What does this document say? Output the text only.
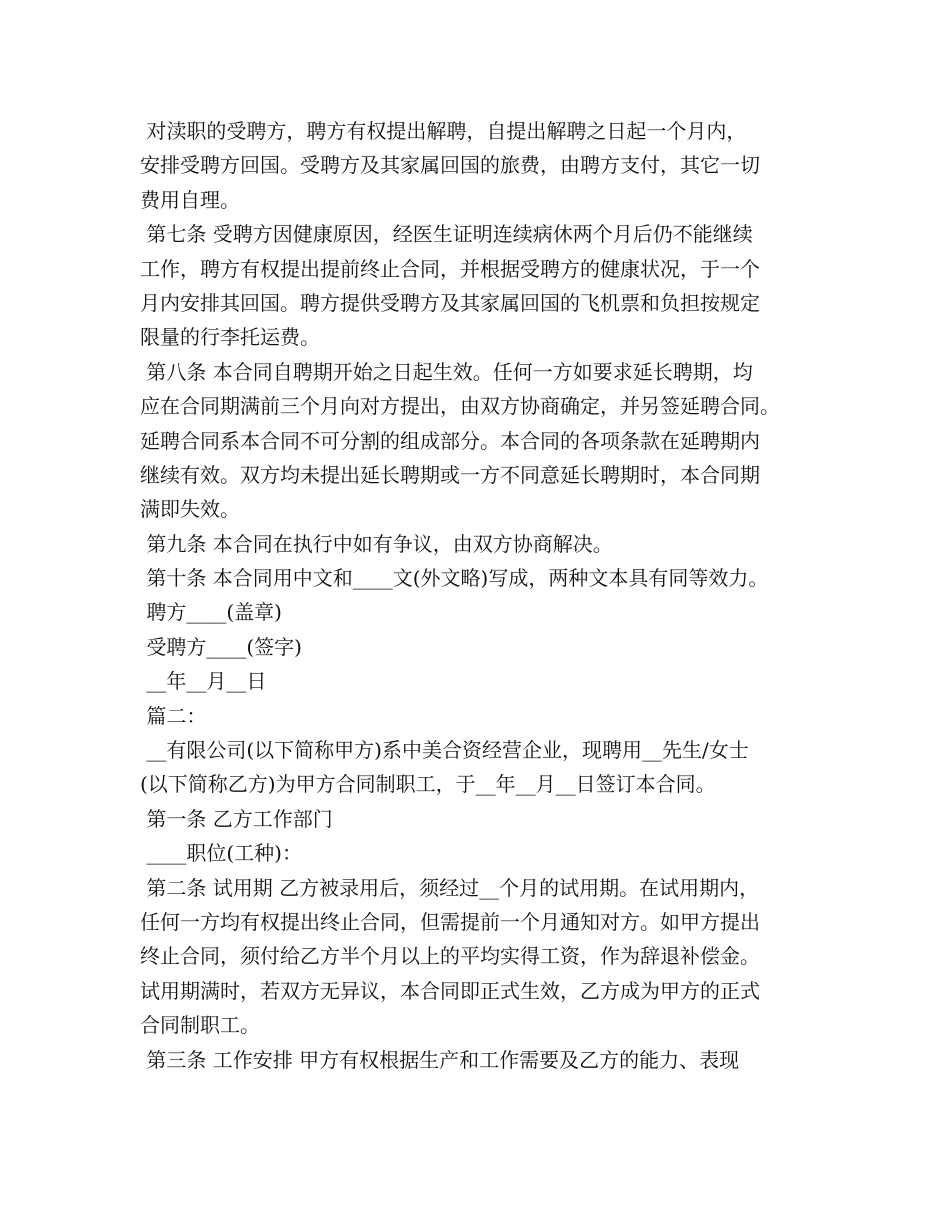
对渎职的受聘方，聘方有权提出解聘，自提出解聘之日起一个月内，
安排受聘方回国。受聘方及其家属回国的旅费，由聘方支付，其它一切
费用自理。
第七条 受聘方因健康原因，经医生证明连续病休两个月后仍不能继续
工作，聘方有权提出提前终止合同，并根据受聘方的健康状况，于一个
月内安排其回国。聘方提供受聘方及其家属回国的飞机票和负担按规定
限量的行李托运费。
第八条 本合同自聘期开始之日起生效。任何一方如要求延长聘期，均
应在合同期满前三个月向对方提出，由双方协商确定，并另签延聘合同。
延聘合同系本合同不可分割的组成部分。本合同的各项条款在延聘期内
继续有效。双方均未提出延长聘期或一方不同意延长聘期时，本合同期
满即失效。
第九条 本合同在执行中如有争议，由双方协商解决。
第十条 本合同用中文和____文(外文略)写成，两种文本具有同等效力。
聘方____(盖章)
受聘方____(签字)
__年__月__日
篇二：
__有限公司(以下简称甲方)系中美合资经营企业，现聘用__先生/女士
(以下简称乙方)为甲方合同制职工，于__年__月__日签订本合同。
第一条 乙方工作部门
____职位(工种)：
第二条 试用期 乙方被录用后，须经过__个月的试用期。在试用期内，
任何一方均有权提出终止合同，但需提前一个月通知对方。如甲方提出
终止合同，须付给乙方半个月以上的平均实得工资，作为辞退补偿金。
试用期满时，若双方无异议，本合同即正式生效，乙方成为甲方的正式
合同制职工。
第三条 工作安排 甲方有权根据生产和工作需要及乙方的能力、表现
